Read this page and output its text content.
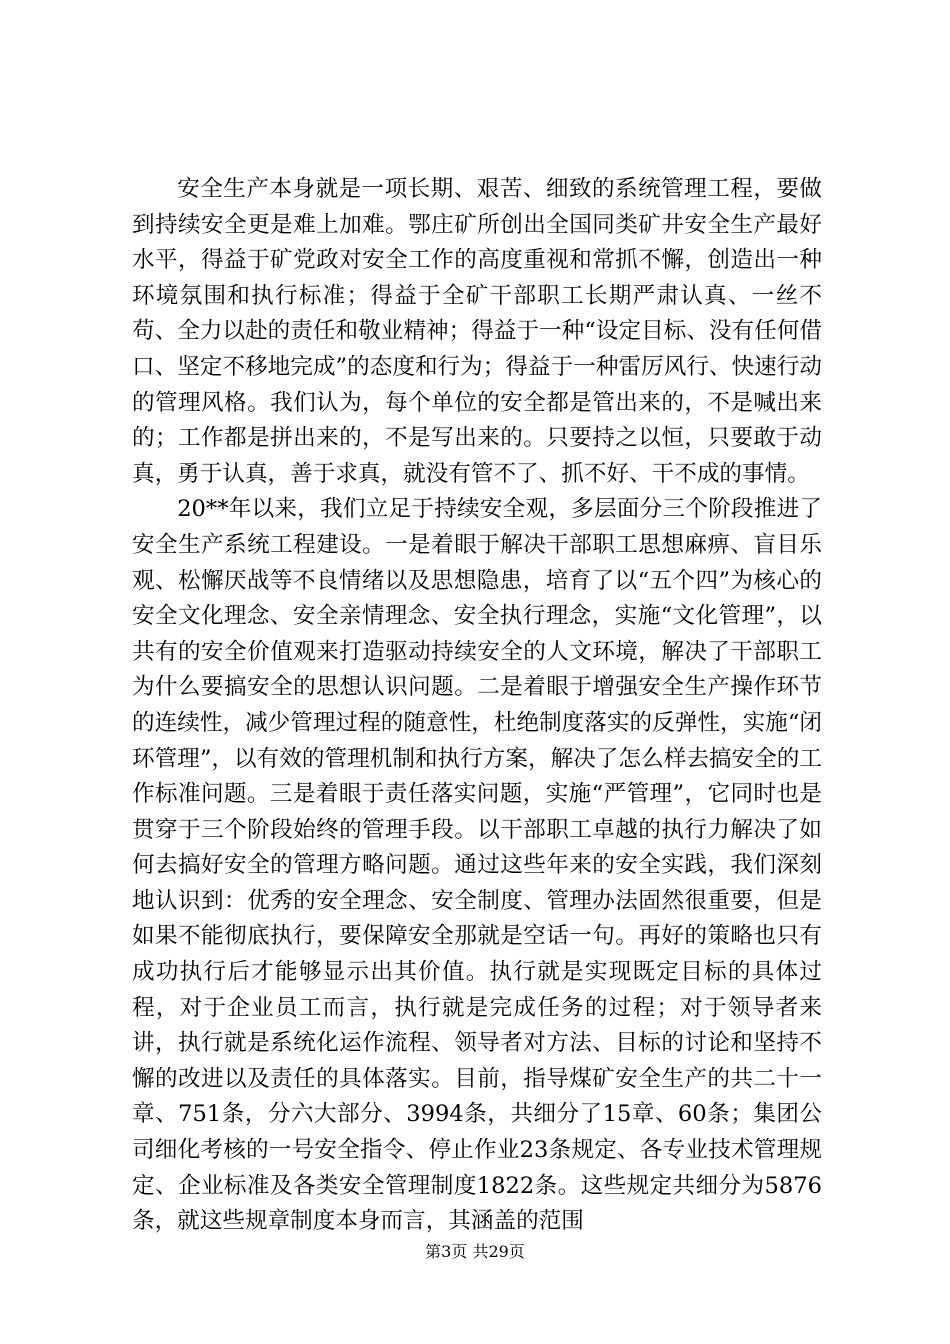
安全生产本身就是一项长期、艰苦、细致的系统管理工程，要做到持续安全更是难上加难。鄂庄矿所创出全国同类矿井安全生产最好水平，得益于矿党政对安全工作的高度重视和常抓不懈，创造出一种环境氛围和执行标准；得益于全矿干部职工长期严肃认真、一丝不苟、全力以赴的责任和敬业精神；得益于一种“设定目标、没有任何借口、坚定不移地完成”的态度和行为；得益于一种雷厉风行、快速行动的管理风格。我们认为，每个单位的安全都是管出来的，不是喊出来的；工作都是拼出来的，不是写出来的。只要持之以恒，只要敢于动真，勇于认真，善于求真，就没有管不了、抓不好、干不成的事情。

20**年以来，我们立足于持续安全观，多层面分三个阶段推进了安全生产系统工程建设。一是着眼于解决干部职工思想麻痹、盲目乐观、松懈厌战等不良情绪以及思想隐患，培育了以“五个四”为核心的安全文化理念、安全亲情理念、安全执行理念，实施“文化管理”，以共有的安全价值观来打造驱动持续安全的人文环境，解决了干部职工为什么要搞安全的思想认识问题。二是着眼于增强安全生产操作环节的连续性，减少管理过程的随意性，杜绝制度落实的反弹性，实施“闭环管理”，以有效的管理机制和执行方案，解决了怎么样去搞安全的工作标准问题。三是着眼于责任落实问题，实施“严管理”，它同时也是贯穿于三个阶段始终的管理手段。以干部职工卓越的执行力解决了如何去搞好安全的管理方略问题。通过这些年来的安全实践，我们深刻地认识到：优秀的安全理念、安全制度、管理办法固然很重要，但是如果不能彻底执行，要保障安全那就是空话一句。再好的策略也只有成功执行后才能够显示出其价值。执行就是实现既定目标的具体过程，对于企业员工而言，执行就是完成任务的过程；对于领导者来讲，执行就是系统化运作流程、领导者对方法、目标的讨论和坚持不懈的改进以及责任的具体落实。目前，指导煤矿安全生产的共二十一章、751条，分六大部分、3994条，共细分了15章、60条；集团公司细化考核的一号安全指令、停止作业23条规定、各专业技术管理规定、企业标准及各类安全管理制度1822条。这些规定共细分为5876条，就这些规章制度本身而言，其涵盖的范围

第3页 共29页
